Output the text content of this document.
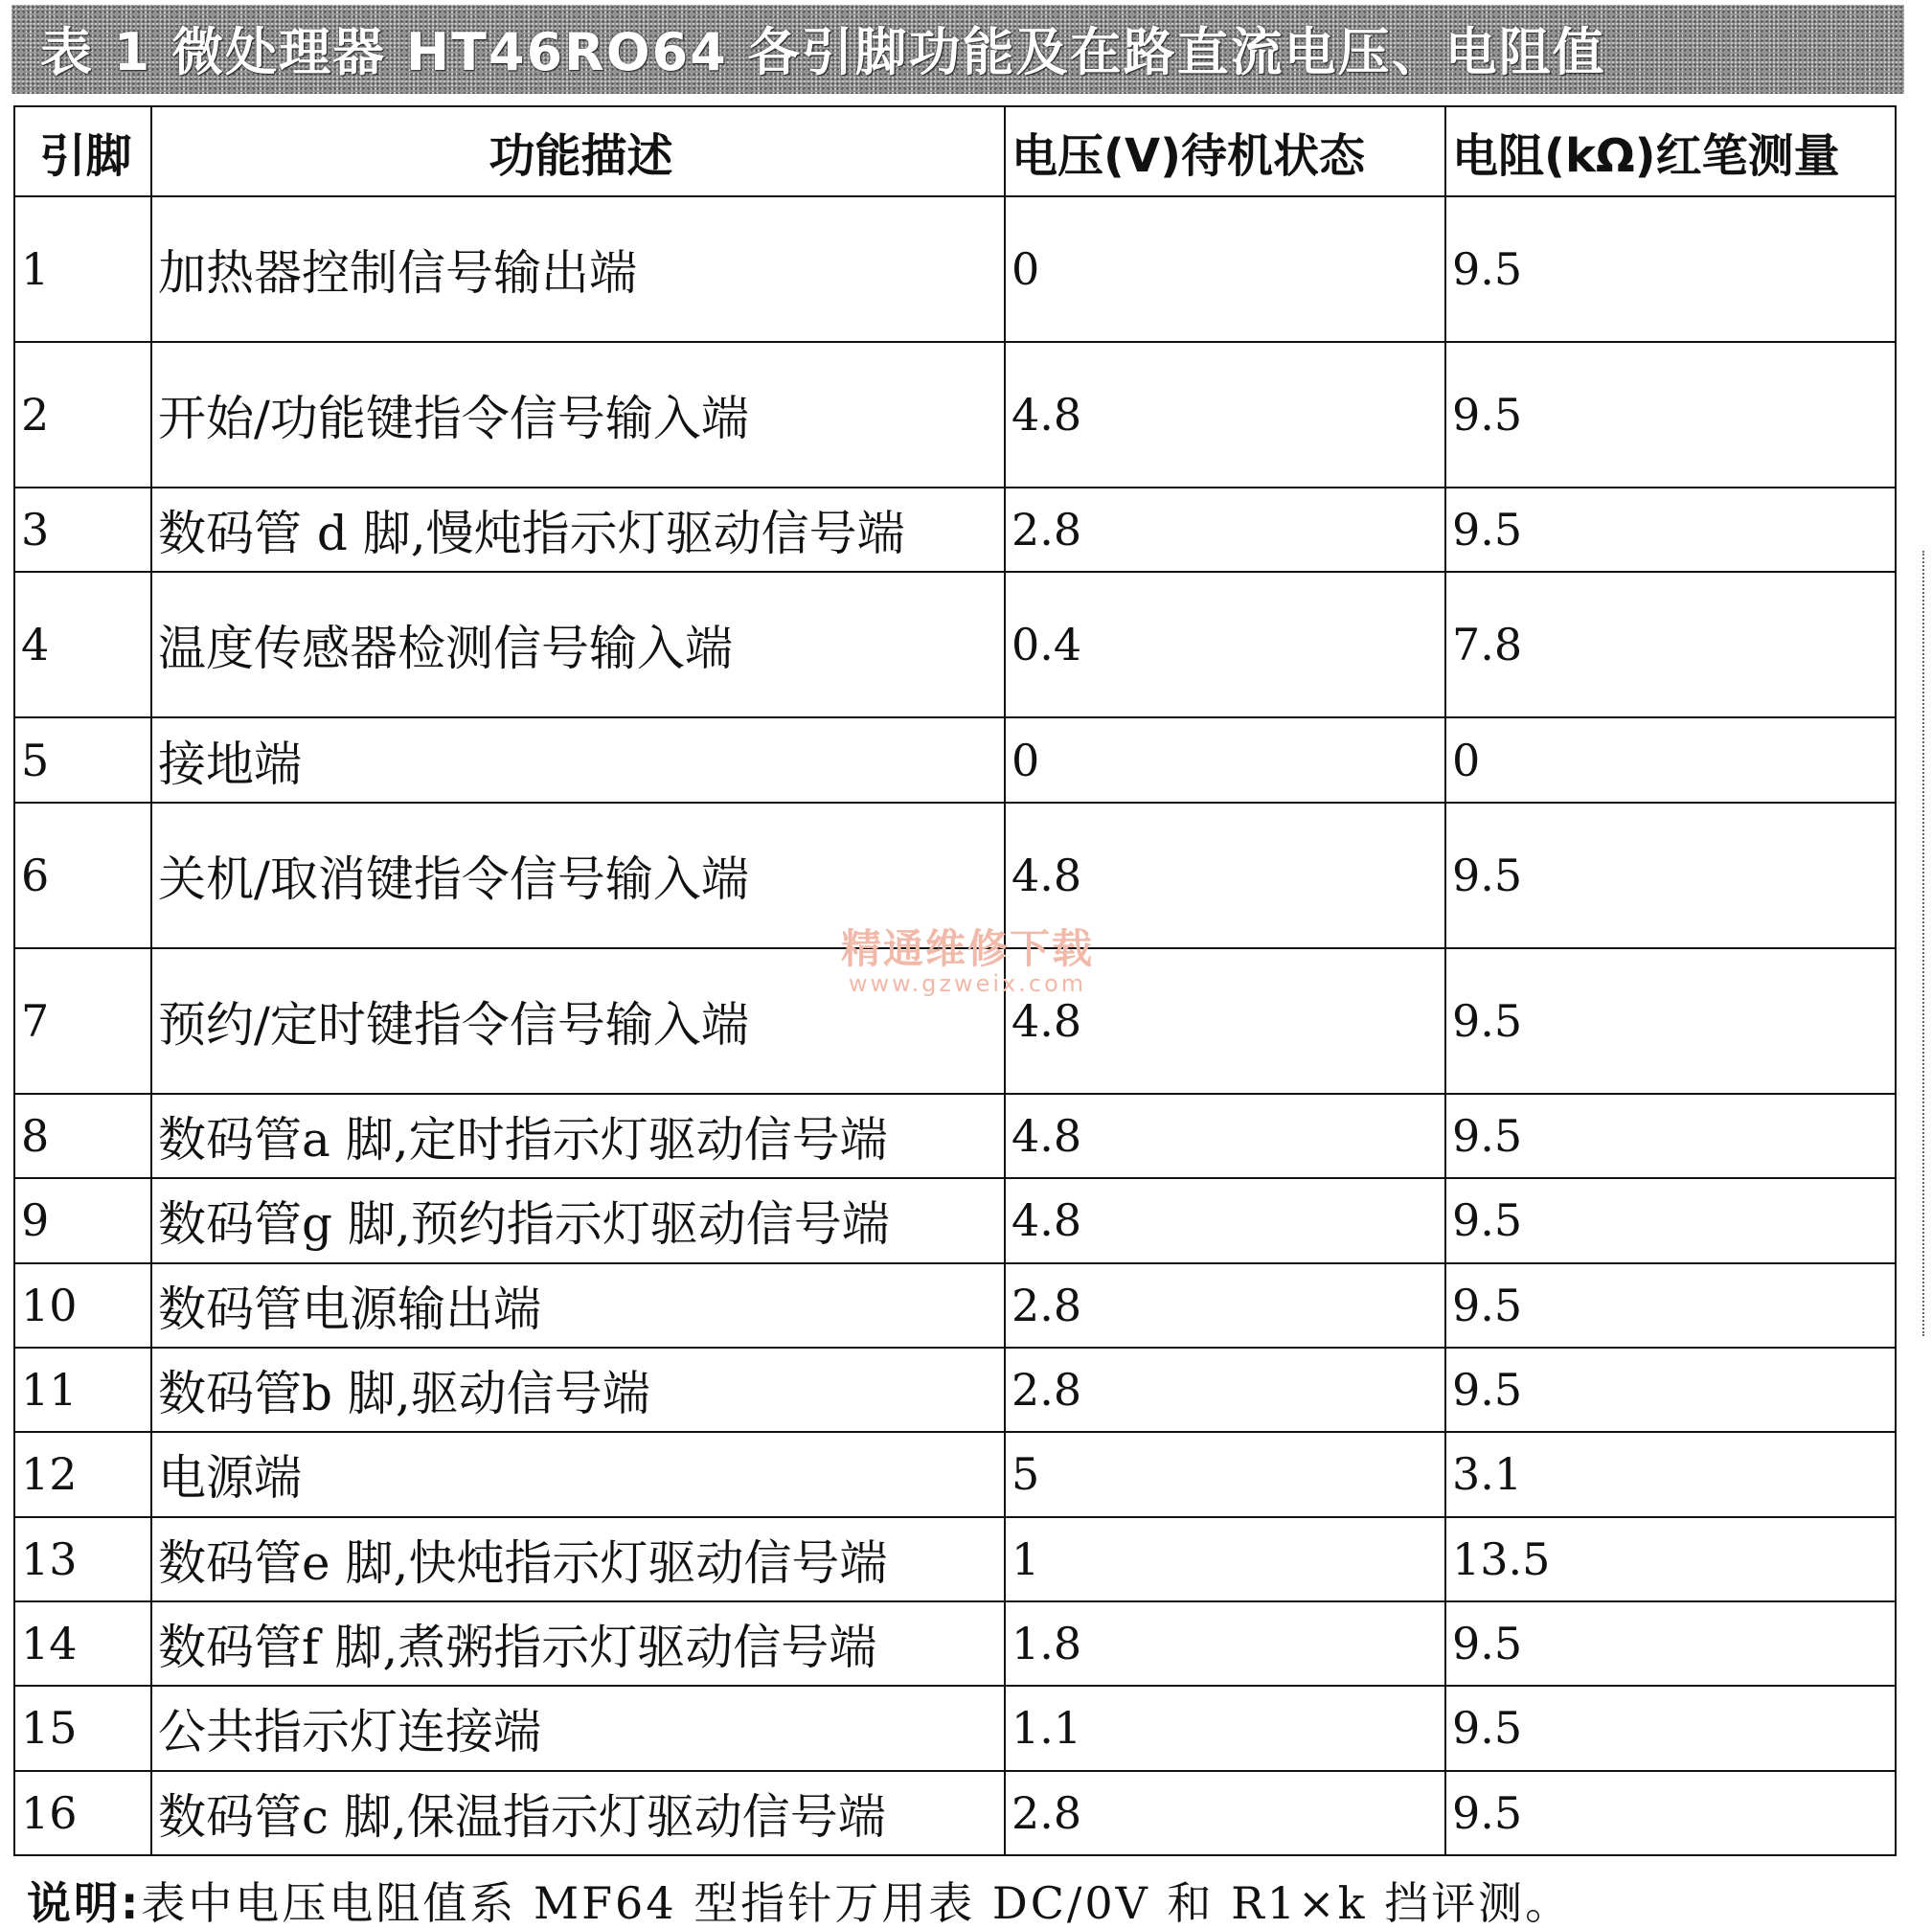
表 1 微处理器 HT46RO64 各引脚功能及在路直流电压、电阻值
引脚	功能描述	电压(V)待机状态	电阻(kΩ)红笔测量
1	加热器控制信号输出端	0	9.5
2	开始/功能键指令信号输入端	4.8	9.5
3	数码管 d 脚,慢炖指示灯驱动信号端	2.8	9.5
4	温度传感器检测信号输入端	0.4	7.8
5	接地端	0	0
6	关机/取消键指令信号输入端	4.8	9.5
7	预约/定时键指令信号输入端	4.8	9.5
8	数码管a 脚,定时指示灯驱动信号端	4.8	9.5
9	数码管g 脚,预约指示灯驱动信号端	4.8	9.5
10	数码管电源输出端	2.8	9.5
11	数码管b 脚,驱动信号端	2.8	9.5
12	电源端	5	3.1
13	数码管e 脚,快炖指示灯驱动信号端	1	13.5
14	数码管f 脚,煮粥指示灯驱动信号端	1.8	9.5
15	公共指示灯连接端	1.1	9.5
16	数码管c 脚,保温指示灯驱动信号端	2.8	9.5
精通维修下载
www.gzweix.com
说明:表中电压电阻值系 MF64 型指针万用表 DC/0V 和 R1×k 挡评测。
